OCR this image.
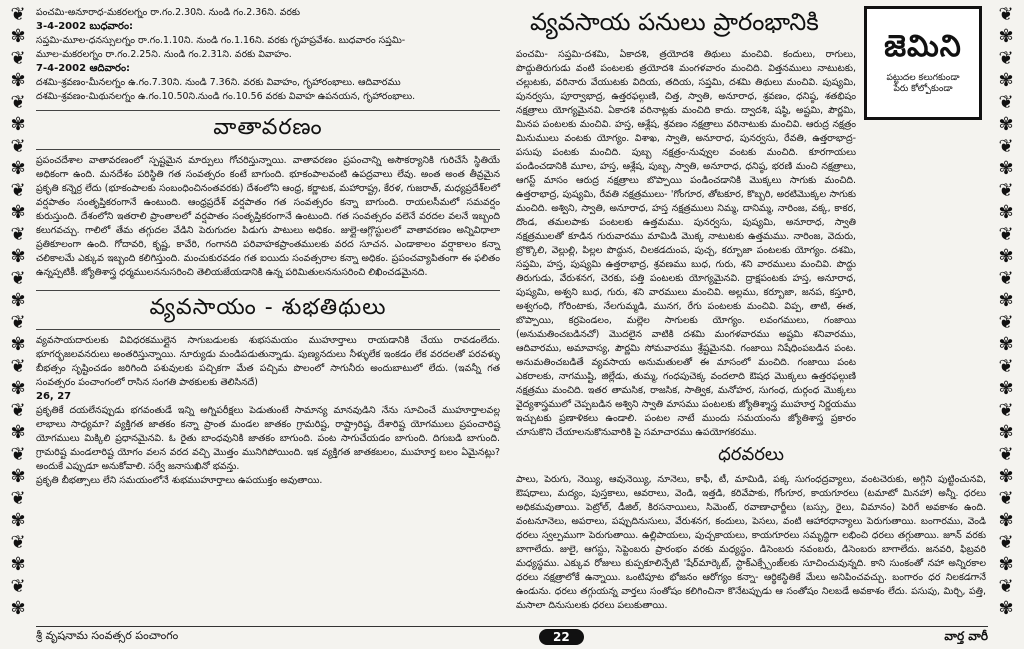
❦
✾
❦
✾
❦
✾
❦
✾
❦
✾
❦
✾
❦
✾
❦
✾
❦
✾
❦
✾
❦
✾
❦
✾
❦
✾
❦
✾
❦
✾
❦
✾
❦
✾
❦
✾
❦
✾
❦
✾
❦
✾
❦
✾
❦
✾
❦
✾
❦
✾
❦
✾
❦
✾
❦
✾

పంచమి-అనూరాధ-మకరలగ్నం రా.గం.2.30ని. నుండి గం.2.36ని. వరకు

3-4-2002 బుధవారం:

సప్తమి-మూల-ధనస్సులగ్నం రా.గం.1.10ని. నుండి గం.1.16ని. వరకు గృహప్రవేశం. బుధవారం సప్తమి-

మూల-మకరలగ్నం రా.గం.2.25ని. నుండి గం.2.31ని. వరకు వివాహం.

7-4-2002 ఆదివారం:

దశమి-శ్రవణం-మీనలగ్నం ఉ.గం.7.30ని. నుండి 7.36ని. వరకు వివాహం, గృహారంభాలు. ఆదివారము

దశమి-శ్రవణం-మిథునలగ్నం ఉ.గం.10.50ని.నుండి గం.10.56 వరకు వివాహ ఉపనయన, గృహారంభాలు.

వాతావరణం

ప్రపంచదేశాల వాతావరణంలో స్పష్టమైన మార్పులు గోచరిస్తున్నాయి. వాతావరణం ప్రపంచాన్ని అసౌకర్యానికి గురిచేసే స్థితియే అధికంగా ఉంది. మనదేశం పరిస్థితి గత సంవత్సరం కంటే బాగుంది. భూకంపాలవంటి ఉపద్రవాలు లేవు. అంత అంత తీవ్రమైన ప్రకృతి కన్నెర్ర లేదు (భూకంపాలకు సంబంధించినంతవరకు) దేశంలోని ఆంధ్ర, కర్ణాటక, మహారాష్ట్ర, కేరళ, గుజరాత్, మధ్యప్రదేశ్‌లలో వర్షపాతం సంతృప్తికరంగానే ఉంటుంది. ఆంధ్రప్రదేశ్ వర్షపాతం గత సంవత్సరం కన్నా బాగుంది. రాయలసీమలో సమవర్షం కురుస్తుంది. దేశంలోని ఇతరాలి ప్రాంతాలలో వర్షపాతం సంతృప్తికరంగానే ఉంటుంది. గత సంవత్సరం వలెనే వరదల వలనే ఇబ్బంది కలుగవచ్చు. గాలిలో తేమ తగ్గుదల వేడిని పెరుగుదల పిడుగు పాటులు అధికం. జుల్లై-ఆగ్గొస్టులలో వాతావరణం అన్నివిధాలా ప్రతికూలంగా ఉంది. గోదావరి, కృష్ణ, కావేరి, గంగానది పరివాహకప్రాంతములకు వరద సూచన. ఎండాకాలం వర్షాకాలం కన్నా చలికాలమే ఎక్కువ ఇబ్బంది కలిగిస్తుంది. మంచుకురవడం గత ఐయిదు సంవత్సరాల కన్నా అధికం. ప్రపంచవ్యాపితంగా ఈ ఫలితం ఉన్నప్పటికీ. జ్యోతిశాస్త్ర ధర్మములననుసరించి తెలియజేయడానికి ఉన్న పరిమితులననుసరించి లిఖించడమైనది.

వ్యవసాయం - శుభతిథులు

వ్యవసాయదారులకు వివిధరకముల్లైన సాగుబడులకు శుభసమయం ముహూర్తాలు రాయడానికి చేయు రావడంలేదు. భూగర్భజలవనరులు అంతరిస్తున్నాయి. నూర్యుడు మండిపడుతున్నాడు. పుణ్యనదులు నీళ్ళులేక ఇంకడం లేక వరదలతో పరవళ్ళు బీభత్సం సృష్టించడం జరిగింది పశువులకు పచ్చికగా మేత పచ్చిమ పొలంలో సాగునీరు అందుబాటులో లేదు. (ఇవన్నీ గత సంవత్సరం పంచాంగంలో రాసిన సంగతి పాఠకులకు తెలిసినదే)

26, 27

ప్రకృతికే దయలేనప్పుడు భగవంతుడే ఇన్ని అగ్నిపరీక్షలు పెడుతుంటే సామాన్య మానవుడిని నేను సూచించే ముహూర్తాలవల్ల లాభాలు సాధ్యమా? వ్యక్తిగత జాతకం కన్నా ప్రాంత మండల జాతకం గ్రామరిష్ట, రాష్ట్రారిష్ట, దేశారిష్ట యోగములు ప్రపంచారిష్ట యోగములు మిక్కిలి ప్రధానమైనవి. ఓ రైతు బాంధవునికి జాతకం బాగుంది. పంట సాగుచేయడం బాగుంది. దిగుబడి బాగుంది. గ్రామరిష్ట మండలారిష్ట యోగం వలన వరద వచ్చి మొత్తం మునిగిపోయింది. ఇక వ్యక్తిగత జాతకబలం, ముహూర్త బలం ఏమైనట్లు? అందుకే ఎప్పుడూ అనుకోవాలి. సర్వే జనాసుఖినో భవన్తు.

ప్రకృతి బీభత్సాలు లేని సమయంలోనే శుభముహూర్తాలు ఉపయుక్తం అవుతాయి.

వ్యవసాయ పనులు ప్రారంభానికి

పంచమి- సప్తమి-దశమి, ఏకాదశి, త్రయోదశి తిథులు మంచివి. కందులు, రాగులు, పొద్దుతిరుగుడు వంటి పంటలకు త్రయోదశి మంగళవారం మంచిది. విత్తనములు నాటుటకు, చల్లుటకు, వరినారు వేయుటకు విదియ, తదియ, సప్తమి, దశమి తిథులు మంచివి. పుష్యమి, పునర్వసు, పూర్వాభాద్ర, ఉత్తరఫల్గుణి, చిత్త, స్వాతి, అనూరాధ, శ్రవణం, ధనిష్ఠ, శతభిషం నక్షత్రాలు యోగ్యమైనవి. ఏకాదశి వరినాట్లకు మంచిది కాదు. ద్వాదశి, షష్ఠి, అష్టమి, పౌర్ణమి, మినప పంటలకు మంచివి. హస్త, ఆశ్లేష, శ్రవణం నక్షత్రాలు వరినాటుకు మంచివి. ఆరుద్ర నక్షత్రం మినుములు వంటకు యోగ్యం. విశాఖ, స్వాతి, అనూరాధ, పునర్వసు, రేవతి, ఉత్తరాభాద్ర- పసుపు పంటకు మంచిది. పుబ్బ నక్షత్రం-నువ్వుల వంటకు మంచిది. కూరగాయలు పండించడానికి మూల, హస్త, ఆశ్లేష, పుబ్బ, స్వాతి, అనూరాధ, ధనిష్ఠ, భరణి మంచి నక్షత్రాలు, ఆగస్ట్ మాసం ఆరుద్ర నక్షత్రాలు బొప్పాయి పండించడానికి మొక్కలు సాగుకు మంచిది. ఉత్తరాభాద్ర, పుష్యమి, రేవతి నక్షత్రములు- 'గోంగూర, తోటకూర, కొబ్బరి, అరటిమొక్కల సాగుకు మంచిది. అశ్విని, స్వాతి, అనూరాధ, హస్త నక్షత్రములు నిమ్మ, దానిమ్మ, నారింజ, వక్క, కాకర, దొండ, తమలపాకు పంటలకు ఉత్తమము. పునర్వసు, పుష్యమి, అనూరాధ, స్వాతి నక్షత్రములతో కూడిన గురువారము మామిడి మొక్క నాటుటకు ఉత్తమము. నారింజ, వెదురు, బ్రొక్కొలి, వెల్లుల్లి, పిల్లల పొద్దున, చిలకడదుంప, పుచ్చ, కర్బూజా పంటలకు యోగ్యం. దశమి, సప్తమి, హస్త, పుష్యమి ఉత్తరాభాద్ర, శ్రవణము బుధ, గురు, శని వారములు మంచివి. పొద్దు తిరుగుడు, వేరుశనగ, చెరకు, పత్తి పంటలకు యోగ్యమైనవి. ద్రాక్షపంటకు హస్త, అనూరాధ, పుష్యమి, అశ్వని బుధ, గురు, శని వారములు మంచివి. అల్లము, కర్బూజా, జనప, కస్తూరి, అశ్వగంధి, గోరింటాకు, నేలగుమ్మడి, మునగ, రేగు పంటలకు మంచివి. విప్ప, తాటి, ఈత, బొప్పాయి, కర్రపెండలం, మల్లెల సాగులకు యోగ్యం. లవంగములు, గంజాయి (అనుమతించబడినచో) మొదలైన వాటికి దశమి మంగళవారము అష్టమి శనివారము, ఆదివారము, అమావాస్య, పౌర్ణమి సోమవారము శ్రేష్టమైనవి. గంజాయి నిషేధింపబడిన పంట. అనుమతించబడితే వ్యవసాయ అనుమతులతో ఈ మాసంలో మంచిది. గంజాయి పంట ఎకరాలకు, నాగముష్టి, జిల్లేడు, తుమ్మ, గంధపుచెక్క వందలాది ఔషధ మొక్కలు ఉత్తరఫల్గుణి నక్షత్రము మంచిది. ఇతర తామసిక, రాజసిక, సాత్విక, మనోహర, సుగంధ, దుర్గంధ మొక్కలు వైద్యశాస్త్రములో చెప్పబడిన అశ్విని స్వాతి మాసము పంటలకు జ్యోతిశ్శాస్త్ర ముహూర్త నిర్ణయము ఇచ్చుటకు ప్రణాళికలు ఉండాలి. పంటల నాటే ముందు సమయంను జ్యోతిశాస్త్ర ప్రకారం చూసుకొని చేయాలనుకొనువారికి పై సమాచారము ఉపయోగకరము.

ధరవరలు

పాలు, పెరుగు, నెయ్యి, ఆవునెయ్యి, నూనెలు, కాఫీ, టీ, మామిడి, పక్క సుగంధద్రవ్యాలు, వంటచెరుకు, అగ్గిని పుట్టించునవి, ఔషధాలు, మద్యం, పుస్తకాలు, ఆవరాలు, వెండి, ఇత్తడి, కరివేపాకు, గోంగూర, కాయగూరలు (టమాటో మినహా) అన్నీ. ధరలు అధికమవుతాయి. పెట్రోల్, డీజిల్, కిరసనాయిలు, సిమెంట్, రవాణాఛార్జీలు (బస్సు, రైలు, విమానం) పెరిగే అవకాశం ఉంది. వంటనూనెలు, అపరాలు, పప్పుదినుసులు, వేరుశనగ, కందులు, పెసలు, వంటి ఆహారధాన్యాలు పెరుగుతాయి. బంగారము, వెండి ధరలు స్వల్పముగా పెరుగుతాయి. ఉల్లిపాయలు, పుచ్చకాయలు, కాయగూరలు సమృద్ధిగా లభించి ధరలు తగ్గుతాయి. జూన్ వరకు బాగాలేదు. జులై, ఆగస్టు, సెప్టెంబరు ప్రారంభం వరకు మధ్యస్థం. డిసెంబరు నవంబరు, డిసెంబరు బాగాలేదు. జనవరి, ఫిబ్రవరి మధ్యస్థము. ఎక్కువ రోజులు కుప్పకూలిన్పేటి 'షేర్‌మార్కెట్, స్టాక్‌ఎక్స్చేంజ్‌లకు సూచించువున్నది. కాని సుంకంతో నహా అన్నిరకాల ధరలు నక్షత్రాలోకే ఉన్నాయి. ఒంటిపూట భోజనం ఆరోగ్యం కన్నా- ఆర్థికస్థితికే మేలు అనిపించవచ్చు. బంగారం ధర నిలకడగానే ఉండును. ధరలు తగ్గుయన్న వార్తలు సంతోషం కలిగించినా కొనేటప్పుడు ఆ సంతోషం నిలబడే అవకాశం లేదు. పసుపు, మిర్చి, పత్తి, మసాలా దినుసులకు ధరలు పలుకుతాయి.

జెమిని
పట్టుదల కలుగకుండా
పేరు కోల్పోకుండా
శ్రీ వృషనామ సంవత్సర పంచాంగం	22	వార్త వారీ
